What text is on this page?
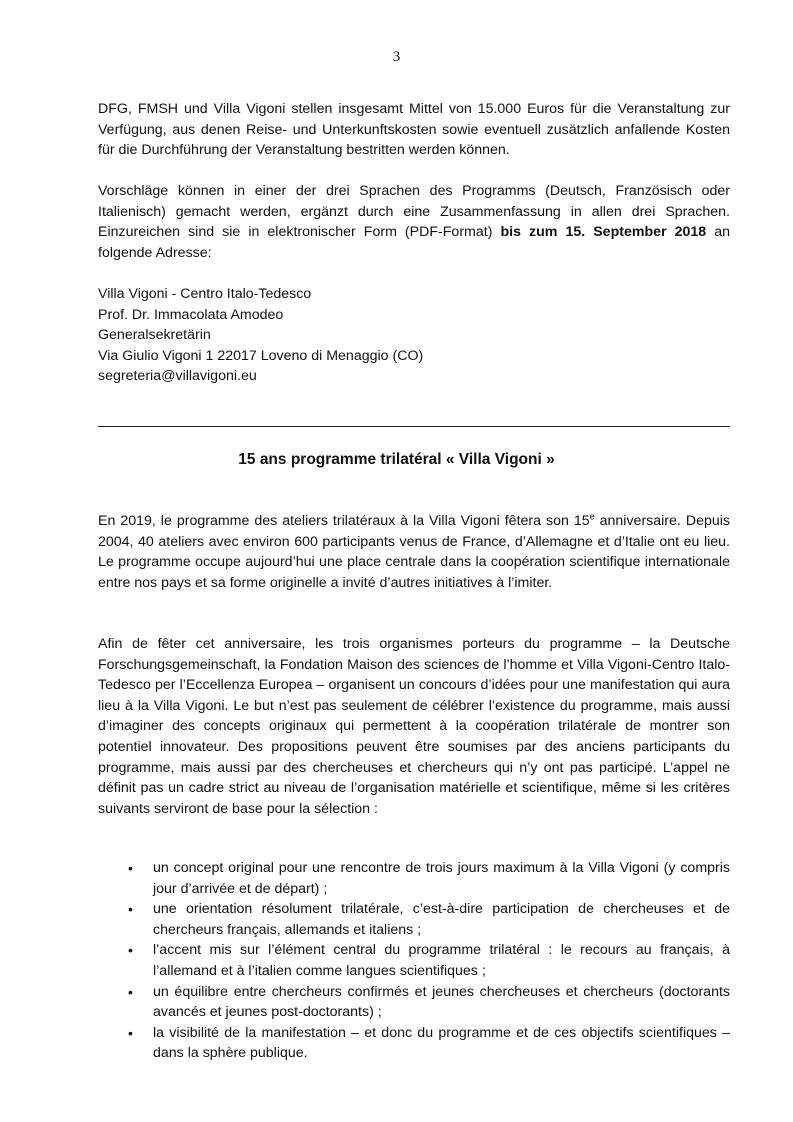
3

DFG, FMSH und Villa Vigoni stellen insgesamt Mittel von 15.000 Euros für die Veranstaltung zur Verfügung, aus denen Reise- und Unterkunftskosten sowie eventuell zusätzlich anfallende Kosten für die Durchführung der Veranstaltung bestritten werden können.

Vorschläge können in einer der drei Sprachen des Programms (Deutsch, Französisch oder Italienisch) gemacht werden, ergänzt durch eine Zusammenfassung in allen drei Sprachen. Einzureichen sind sie in elektronischer Form (PDF-Format) bis zum 15. September 2018 an folgende Adresse:

Villa Vigoni - Centro Italo-Tedesco
Prof. Dr. Immacolata Amodeo
Generalsekretärin
Via Giulio Vigoni 1 22017 Loveno di Menaggio (CO)
segreteria@villavigoni.eu
15 ans programme trilatéral « Villa Vigoni »

En 2019, le programme des ateliers trilatéraux à la Villa Vigoni fêtera son 15e anniversaire. Depuis 2004, 40 ateliers avec environ 600 participants venus de France, d’Allemagne et d’Italie ont eu lieu. Le programme occupe aujourd’hui une place centrale dans la coopération scientifique internationale entre nos pays et sa forme originelle a invité d’autres initiatives à l’imiter.

Afin de fêter cet anniversaire, les trois organismes porteurs du programme – la Deutsche Forschungsgemeinschaft, la Fondation Maison des sciences de l’homme et Villa Vigoni-Centro Italo-Tedesco per l’Eccellenza Europea – organisent un concours d’idées pour une manifestation qui aura lieu à la Villa Vigoni. Le but n’est pas seulement de célébrer l’existence du programme, mais aussi d’imaginer des concepts originaux qui permettent à la coopération trilatérale de montrer son potentiel innovateur. Des propositions peuvent être soumises par des anciens participants du programme, mais aussi par des chercheuses et chercheurs qui n’y ont pas participé. L’appel ne définit pas un cadre strict au niveau de l’organisation matérielle et scientifique, même si les critères suivants serviront de base pour la sélection :

• un concept original pour une rencontre de trois jours maximum à la Villa Vigoni (y compris jour d’arrivée et de départ) ;
• une orientation résolument trilatérale, c’est-à-dire participation de chercheuses et de chercheurs français, allemands et italiens ;
• l’accent mis sur l’élément central du programme trilatéral : le recours au français, à l’allemand et à l’italien comme langues scientifiques ;
• un équilibre entre chercheurs confirmés et jeunes chercheuses et chercheurs (doctorants avancés et jeunes post-doctorants) ;
• la visibilité de la manifestation – et donc du programme et de ces objectifs scientifiques – dans la sphère publique.
